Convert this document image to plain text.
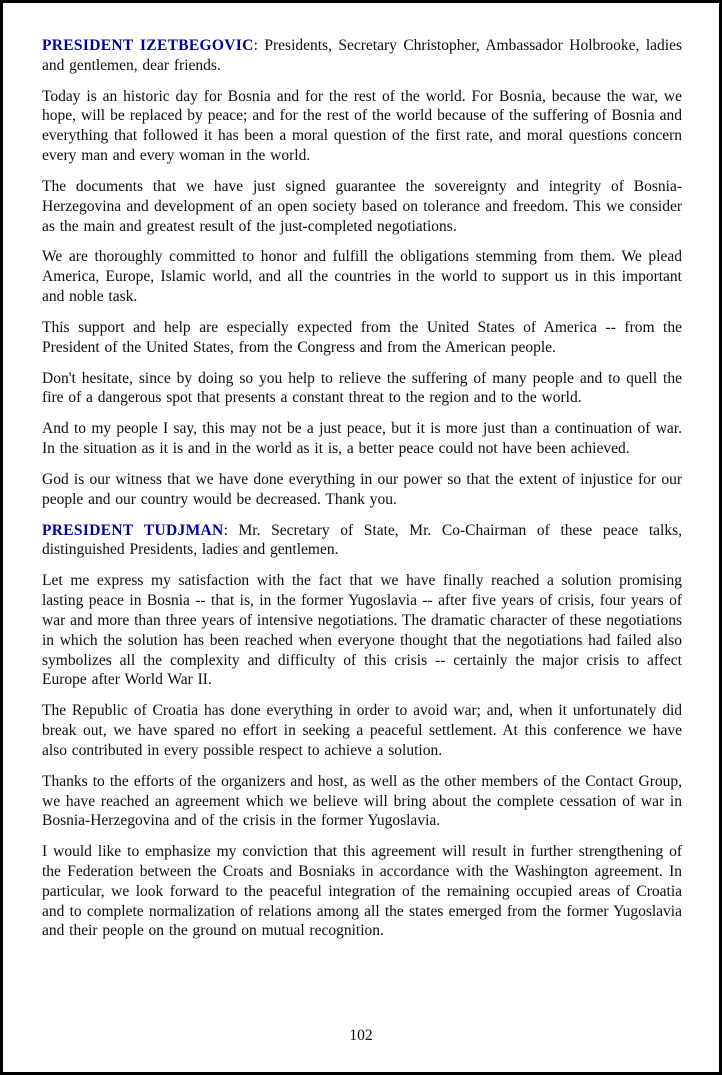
PRESIDENT IZETBEGOVIC: Presidents, Secretary Christopher, Ambassador Holbrooke, ladies and gentlemen, dear friends.

Today is an historic day for Bosnia and for the rest of the world. For Bosnia, because the war, we hope, will be replaced by peace; and for the rest of the world because of the suffering of Bosnia and everything that followed it has been a moral question of the first rate, and moral questions concern every man and every woman in the world.

The documents that we have just signed guarantee the sovereignty and integrity of Bosnia-Herzegovina and development of an open society based on tolerance and freedom. This we consider as the main and greatest result of the just-completed negotiations.

We are thoroughly committed to honor and fulfill the obligations stemming from them. We plead America, Europe, Islamic world, and all the countries in the world to support us in this important and noble task.

This support and help are especially expected from the United States of America -- from the President of the United States, from the Congress and from the American people.

Don't hesitate, since by doing so you help to relieve the suffering of many people and to quell the fire of a dangerous spot that presents a constant threat to the region and to the world.

And to my people I say, this may not be a just peace, but it is more just than a continuation of war. In the situation as it is and in the world as it is, a better peace could not have been achieved.

God is our witness that we have done everything in our power so that the extent of injustice for our people and our country would be decreased. Thank you.

PRESIDENT TUDJMAN: Mr. Secretary of State, Mr. Co-Chairman of these peace talks, distinguished Presidents, ladies and gentlemen.

Let me express my satisfaction with the fact that we have finally reached a solution promising lasting peace in Bosnia -- that is, in the former Yugoslavia -- after five years of crisis, four years of war and more than three years of intensive negotiations. The dramatic character of these negotiations in which the solution has been reached when everyone thought that the negotiations had failed also symbolizes all the complexity and difficulty of this crisis -- certainly the major crisis to affect Europe after World War II.

The Republic of Croatia has done everything in order to avoid war; and, when it unfortunately did break out, we have spared no effort in seeking a peaceful settlement. At this conference we have also contributed in every possible respect to achieve a solution.

Thanks to the efforts of the organizers and host, as well as the other members of the Contact Group, we have reached an agreement which we believe will bring about the complete cessation of war in Bosnia-Herzegovina and of the crisis in the former Yugoslavia.

I would like to emphasize my conviction that this agreement will result in further strengthening of the Federation between the Croats and Bosniaks in accordance with the Washington agreement. In particular, we look forward to the peaceful integration of the remaining occupied areas of Croatia and to complete normalization of relations among all the states emerged from the former Yugoslavia and their people on the ground on mutual recognition.

102
